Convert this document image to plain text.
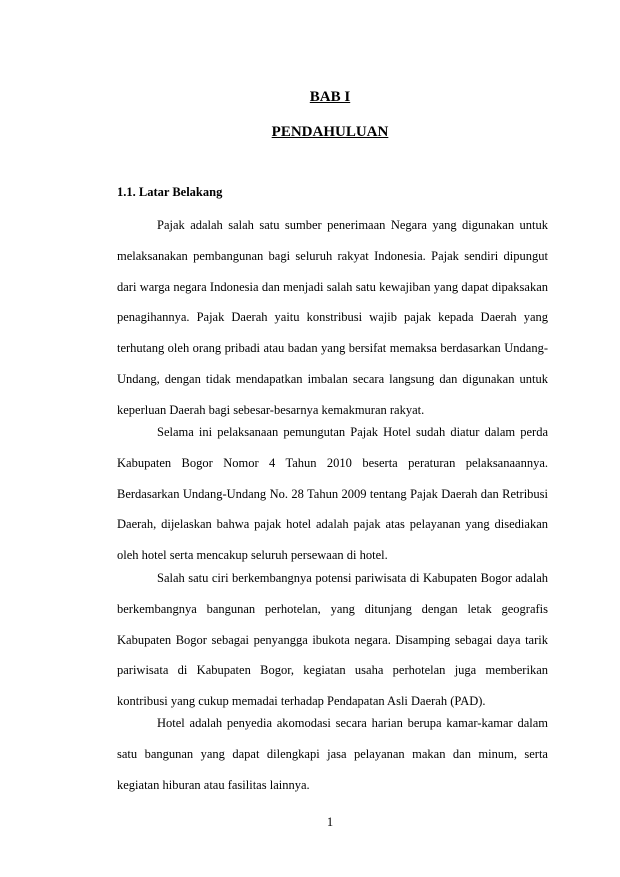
BAB I
PENDAHULUAN
1.1. Latar Belakang

Pajak adalah salah satu sumber penerimaan Negara yang digunakan untuk melaksanakan pembangunan bagi seluruh rakyat Indonesia. Pajak sendiri dipungut dari warga negara Indonesia dan menjadi salah satu kewajiban yang dapat dipaksakan penagihannya. Pajak Daerah yaitu konstribusi wajib pajak kepada Daerah yang terhutang oleh orang pribadi atau badan yang bersifat memaksa berdasarkan Undang-Undang, dengan tidak mendapatkan imbalan secara langsung dan digunakan untuk keperluan Daerah bagi sebesar-besarnya kemakmuran rakyat.

Selama ini pelaksanaan pemungutan Pajak Hotel sudah diatur dalam perda Kabupaten Bogor Nomor 4 Tahun 2010 beserta peraturan pelaksanaannya. Berdasarkan Undang-Undang No. 28 Tahun 2009 tentang Pajak Daerah dan Retribusi Daerah, dijelaskan bahwa pajak hotel adalah pajak atas pelayanan yang disediakan oleh hotel serta mencakup seluruh persewaan di hotel.

Salah satu ciri berkembangnya potensi pariwisata di Kabupaten Bogor adalah berkembangnya bangunan perhotelan, yang ditunjang dengan letak geografis Kabupaten Bogor sebagai penyangga ibukota negara. Disamping sebagai daya tarik pariwisata di Kabupaten Bogor, kegiatan usaha perhotelan juga memberikan kontribusi yang cukup memadai terhadap Pendapatan Asli Daerah (PAD).

Hotel adalah penyedia akomodasi secara harian berupa kamar-kamar dalam satu bangunan yang dapat dilengkapi jasa pelayanan makan dan minum, serta kegiatan hiburan atau fasilitas lainnya.

1
